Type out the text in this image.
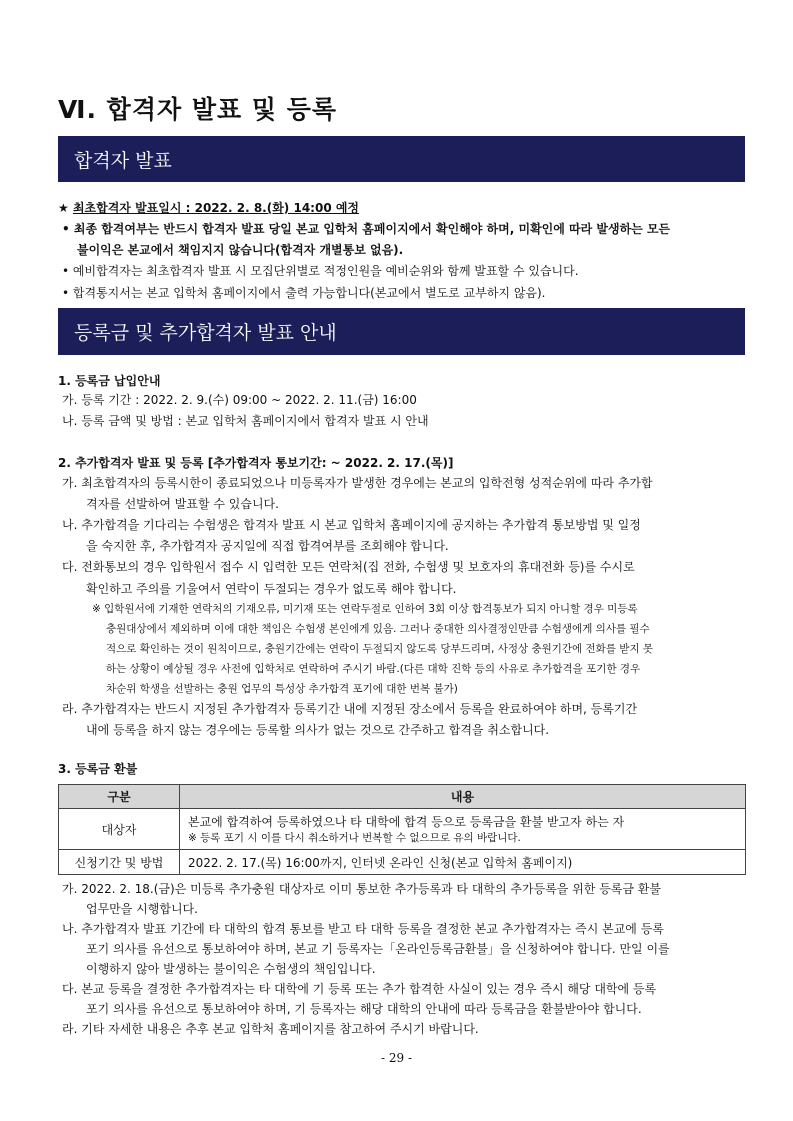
Ⅵ. 합격자 발표 및 등록
합격자 발표
★ 최초합격자 발표일시 : 2022. 2. 8.(화) 14:00 예정
• 최종 합격여부는 반드시 합격자 발표 당일 본교 입학처 홈페이지에서 확인해야 하며, 미확인에 따라 발생하는 모든
불이익은 본교에서 책임지지 않습니다(합격자 개별통보 없음).
• 예비합격자는 최초합격자 발표 시 모집단위별로 적정인원을 예비순위와 함께 발표할 수 있습니다.
• 합격통지서는 본교 입학처 홈페이지에서 출력 가능합니다(본교에서 별도로 교부하지 않음).
등록금 및 추가합격자 발표 안내
1. 등록금 납입안내
가. 등록 기간 : 2022. 2. 9.(수) 09:00 ~ 2022. 2. 11.(금) 16:00
나. 등록 금액 및 방법 : 본교 입학처 홈페이지에서 합격자 발표 시 안내
2. 추가합격자 발표 및 등록 [추가합격자 통보기간: ~ 2022. 2. 17.(목)]
가. 최초합격자의 등록시한이 종료되었으나 미등록자가 발생한 경우에는 본교의 입학전형 성적순위에 따라 추가합
격자를 선발하여 발표할 수 있습니다.
나. 추가합격을 기다리는 수험생은 합격자 발표 시 본교 입학처 홈페이지에 공지하는 추가합격 통보방법 및 일정
을 숙지한 후, 추가합격자 공지일에 직접 합격여부를 조회해야 합니다.
다. 전화통보의 경우 입학원서 접수 시 입력한 모든 연락처(집 전화, 수험생 및 보호자의 휴대전화 등)를 수시로
확인하고 주의를 기울여서 연락이 두절되는 경우가 없도록 해야 합니다.
※ 입학원서에 기재한 연락처의 기재오류, 미기재 또는 연락두절로 인하여 3회 이상 합격통보가 되지 아니할 경우 미등록
충원대상에서 제외하며 이에 대한 책임은 수험생 본인에게 있음. 그러나 중대한 의사결정인만큼 수험생에게 의사를 필수
적으로 확인하는 것이 원칙이므로, 충원기간에는 연락이 두절되지 않도록 당부드리며, 사정상 충원기간에 전화를 받지 못
하는 상황이 예상될 경우 사전에 입학처로 연락하여 주시기 바람.(다른 대학 진학 등의 사유로 추가합격을 포기한 경우
차순위 학생을 선발하는 충원 업무의 특성상 추가합격 포기에 대한 번복 불가)
라. 추가합격자는 반드시 지정된 추가합격자 등록기간 내에 지정된 장소에서 등록을 완료하여야 하며, 등록기간
내에 등록을 하지 않는 경우에는 등록할 의사가 없는 것으로 간주하고 합격을 취소합니다.
3. 등록금 환불
구분	내용
대상자	본교에 합격하여 등록하였으나 타 대학에 합격 등으로 등록금을 환불 받고자 하는 자
※ 등록 포기 시 이를 다시 취소하거나 번복할 수 없으므로 유의 바랍니다.

신청기간 및 방법	2022. 2. 17.(목) 16:00까지, 인터넷 온라인 신청(본교 입학처 홈페이지)
가. 2022. 2. 18.(금)은 미등록 추가충원 대상자로 이미 통보한 추가등록과 타 대학의 추가등록을 위한 등록금 환불
업무만을 시행합니다.
나. 추가합격자 발표 기간에 타 대학의 합격 통보를 받고 타 대학 등록을 결정한 본교 추가합격자는 즉시 본교에 등록
포기 의사를 유선으로 통보하여야 하며, 본교 기 등록자는「온라인등록금환불」을 신청하여야 합니다. 만일 이를
이행하지 않아 발생하는 불이익은 수험생의 책임입니다.
다. 본교 등록을 결정한 추가합격자는 타 대학에 기 등록 또는 추가 합격한 사실이 있는 경우 즉시 해당 대학에 등록
포기 의사를 유선으로 통보하여야 하며, 기 등록자는 해당 대학의 안내에 따라 등록금을 환불받아야 합니다.
라. 기타 자세한 내용은 추후 본교 입학처 홈페이지를 참고하여 주시기 바랍니다.
- 29 -
